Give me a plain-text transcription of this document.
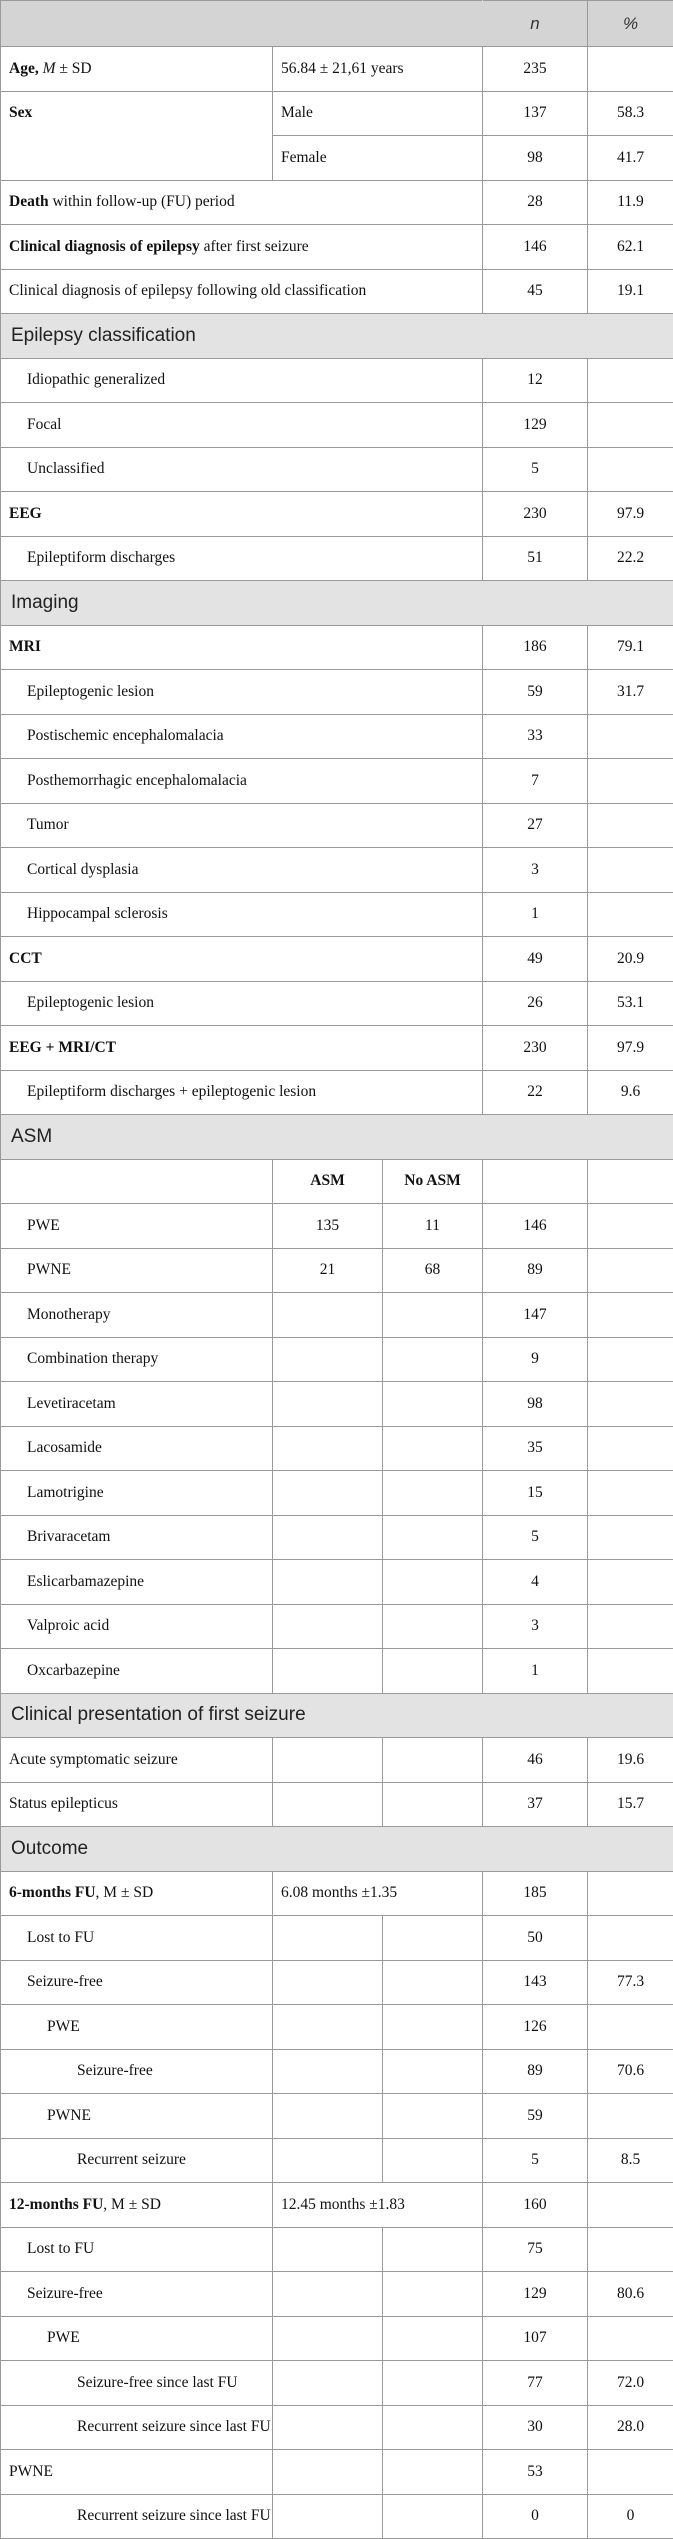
			n	%
Age, M ± SD	56.84 ± 21,61 years		235	
Sex	Male		137	58.3
	Female		98	41.7
Death within follow-up (FU) period			28	11.9
Clinical diagnosis of epilepsy after first seizure			146	62.1
Clinical diagnosis of epilepsy following old classification			45	19.1
Epilepsy classification				
Idiopathic generalized			12	
Focal			129	
Unclassified			5	
EEG			230	97.9
Epileptiform discharges			51	22.2
Imaging				
MRI			186	79.1
Epileptogenic lesion			59	31.7
Postischemic encephalomalacia			33	
Posthemorrhagic encephalomalacia			7	
Tumor			27	
Cortical dysplasia			3	
Hippocampal sclerosis			1	
CCT			49	20.9
Epileptogenic lesion			26	53.1
EEG + MRI/CT			230	97.9
Epileptiform discharges + epileptogenic lesion			22	9.6
ASM				
	ASM	No ASM		
PWE	135	11	146	
PWNE	21	68	89	
Monotherapy			147	
Combination therapy			9	
Levetiracetam			98	
Lacosamide			35	
Lamotrigine			15	
Brivaracetam			5	
Eslicarbamazepine			4	
Valproic acid			3	
Oxcarbazepine			1	
Clinical presentation of first seizure				
Acute symptomatic seizure			46	19.6
Status epilepticus			37	15.7
Outcome				
6-months FU, M ± SD	6.08 months ±1.35		185	
Lost to FU			50	
Seizure-free			143	77.3
PWE			126	
Seizure-free			89	70.6
PWNE			59	
Recurrent seizure			5	8.5
12-months FU, M ± SD	12.45 months ±1.83		160	
Lost to FU			75	
Seizure-free			129	80.6
PWE			107	
Seizure-free since last FU			77	72.0
Recurrent seizure since last FU			30	28.0
PWNE			53	
Recurrent seizure since last FU			0	0
